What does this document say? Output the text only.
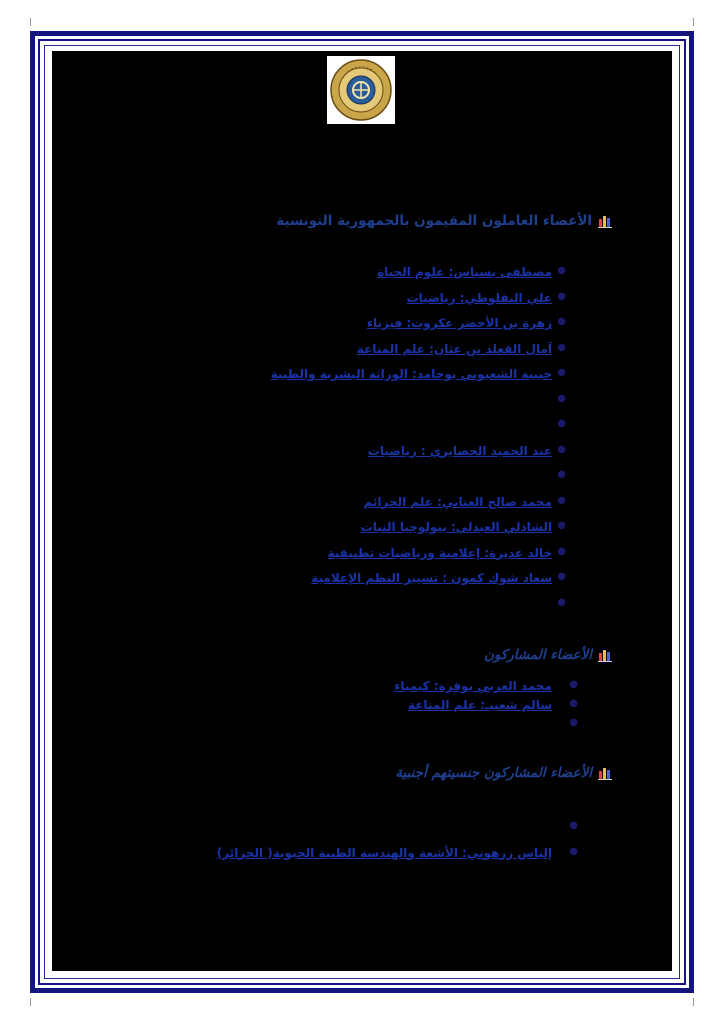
الأعضاء العاملون المقيمون بالجمهورية التونسية
●
مصطفى بسباس: علوم الحياة
●
علي البقلوطي: رياضيات
●
زهرة بن الأخضر عكروت: فيزياء
●
آمال القعلد بن عثان: علم المناعة
●
حبيبة الشعبوني بوحامد: الوراثة البشرية والطبية
●
●
●
عبد الحميد الحصايري : رياضيات
●
●
محمد صالح العنابي: علم الجرائم
●
الشاذلي العبدلي: بيولوجيا النبات
●
خالد غديرة: إعلامية ورياضيات تطبيقية
●
سعاد شوك كمون : تسيير النظم الإعلامية
●
الأعضاء المشاركون
●
محمد العربي بوقرة: كيمياء
●
سالم شعبيـ: علم المناعة
●
الأعضاء المشاركون جنسيتهم أجنبية
●
●
إلياس زرهوني: الأشعة والهندسة الطبية الحيوية( الجزائر)
